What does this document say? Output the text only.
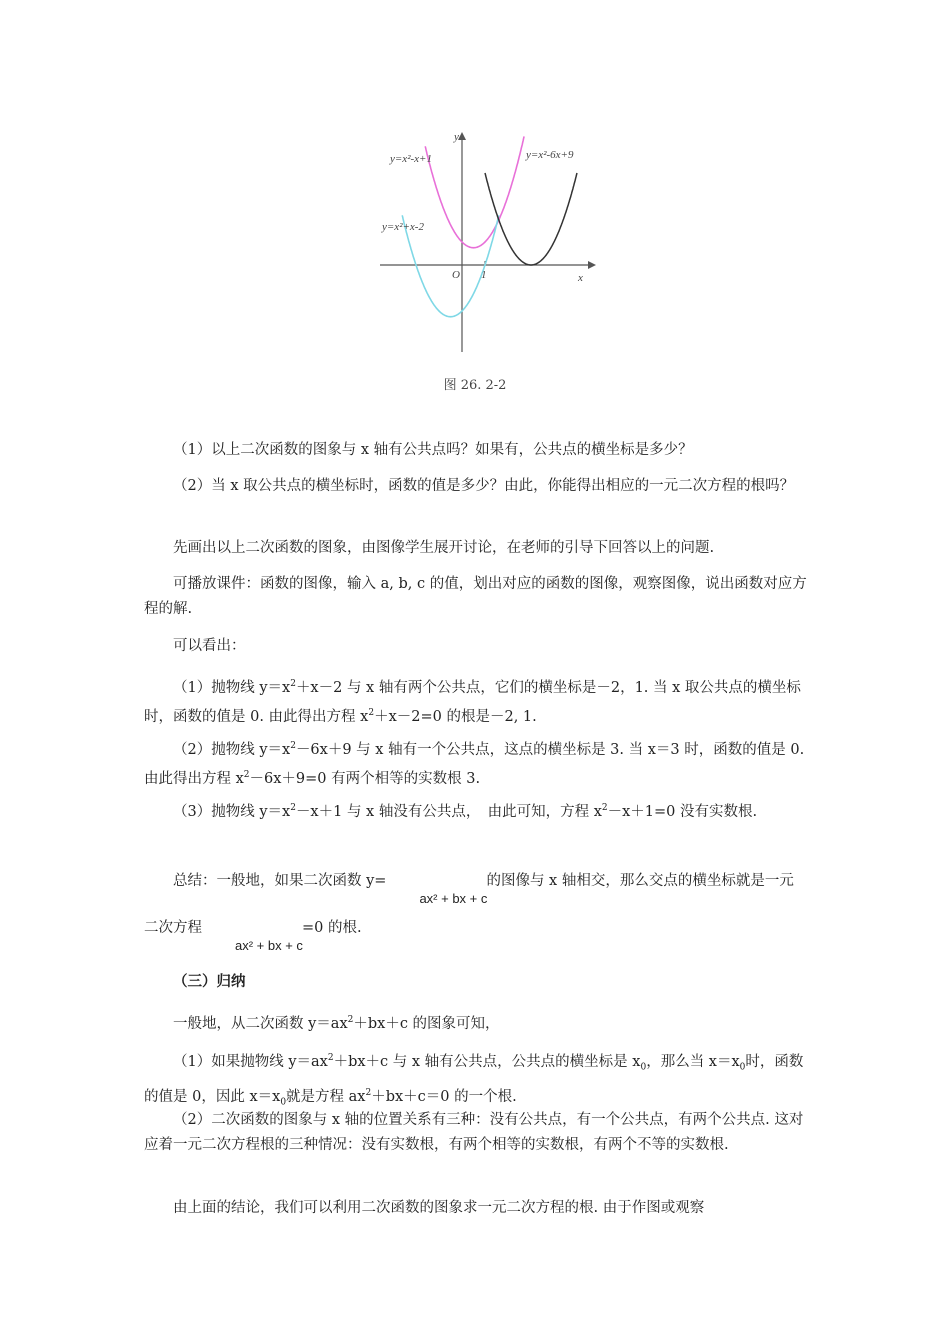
y=x²-x+1	y=x²-6x+9
y=x²+x-2
y
x
O 1
图 26. 2-2

（1）以上二次函数的图象与 x 轴有公共点吗？如果有，公共点的横坐标是多少？

（2）当 x 取公共点的横坐标时，函数的值是多少？由此，你能得出相应的一元二次方程的根吗？

先画出以上二次函数的图象，由图像学生展开讨论，在老师的引导下回答以上的问题.

可播放课件：函数的图像，输入 a, b, c 的值，划出对应的函数的图像，观察图像，说出函数对应方程的解.

可以看出：

（1）抛物线 $y=x^2+x-2$ 与 x 轴有两个公共点，它们的横坐标是－2，1. 当 x 取公共点的横坐标时，函数的值是 0. 由此得出方程 $x^2+x-2=0$ 的根是－2, 1.

（2）抛物线 $y=x^2-6x+9$ 与 x 轴有一个公共点，这点的横坐标是 3. 当 x＝3 时，函数的值是 0. 由此得出方程 $x^2-6x+9=0$ 有两个相等的实数根 3.

（3）抛物线 $y=x^2-x+1$ 与 x 轴没有公共点，　由此可知，方程 $x^2-x+1=0$ 没有实数根.

总结：一般地，如果二次函数 y=
ax² + bx + c
的图像与 x 轴相交，那么交点的横坐标就是一元二次方程
ax² + bx + c
=0 的根.

（三）归纳

一般地，从二次函数 $y=ax^2+bx+c$ 的图象可知，

（1）如果抛物线 $y=ax^2+bx+c$ 与 x 轴有公共点，公共点的横坐标是 $x_0$，那么当 $x=x_0$时，函数的值是 0，因此 $x=x_0$就是方程 $ax^2+bx+c=0$ 的一个根.

（2）二次函数的图象与 x 轴的位置关系有三种：没有公共点，有一个公共点，有两个公共点. 这对应着一元二次方程根的三种情况：没有实数根，有两个相等的实数根，有两个不等的实数根.

由上面的结论，我们可以利用二次函数的图象求一元二次方程的根. 由于作图或观察
